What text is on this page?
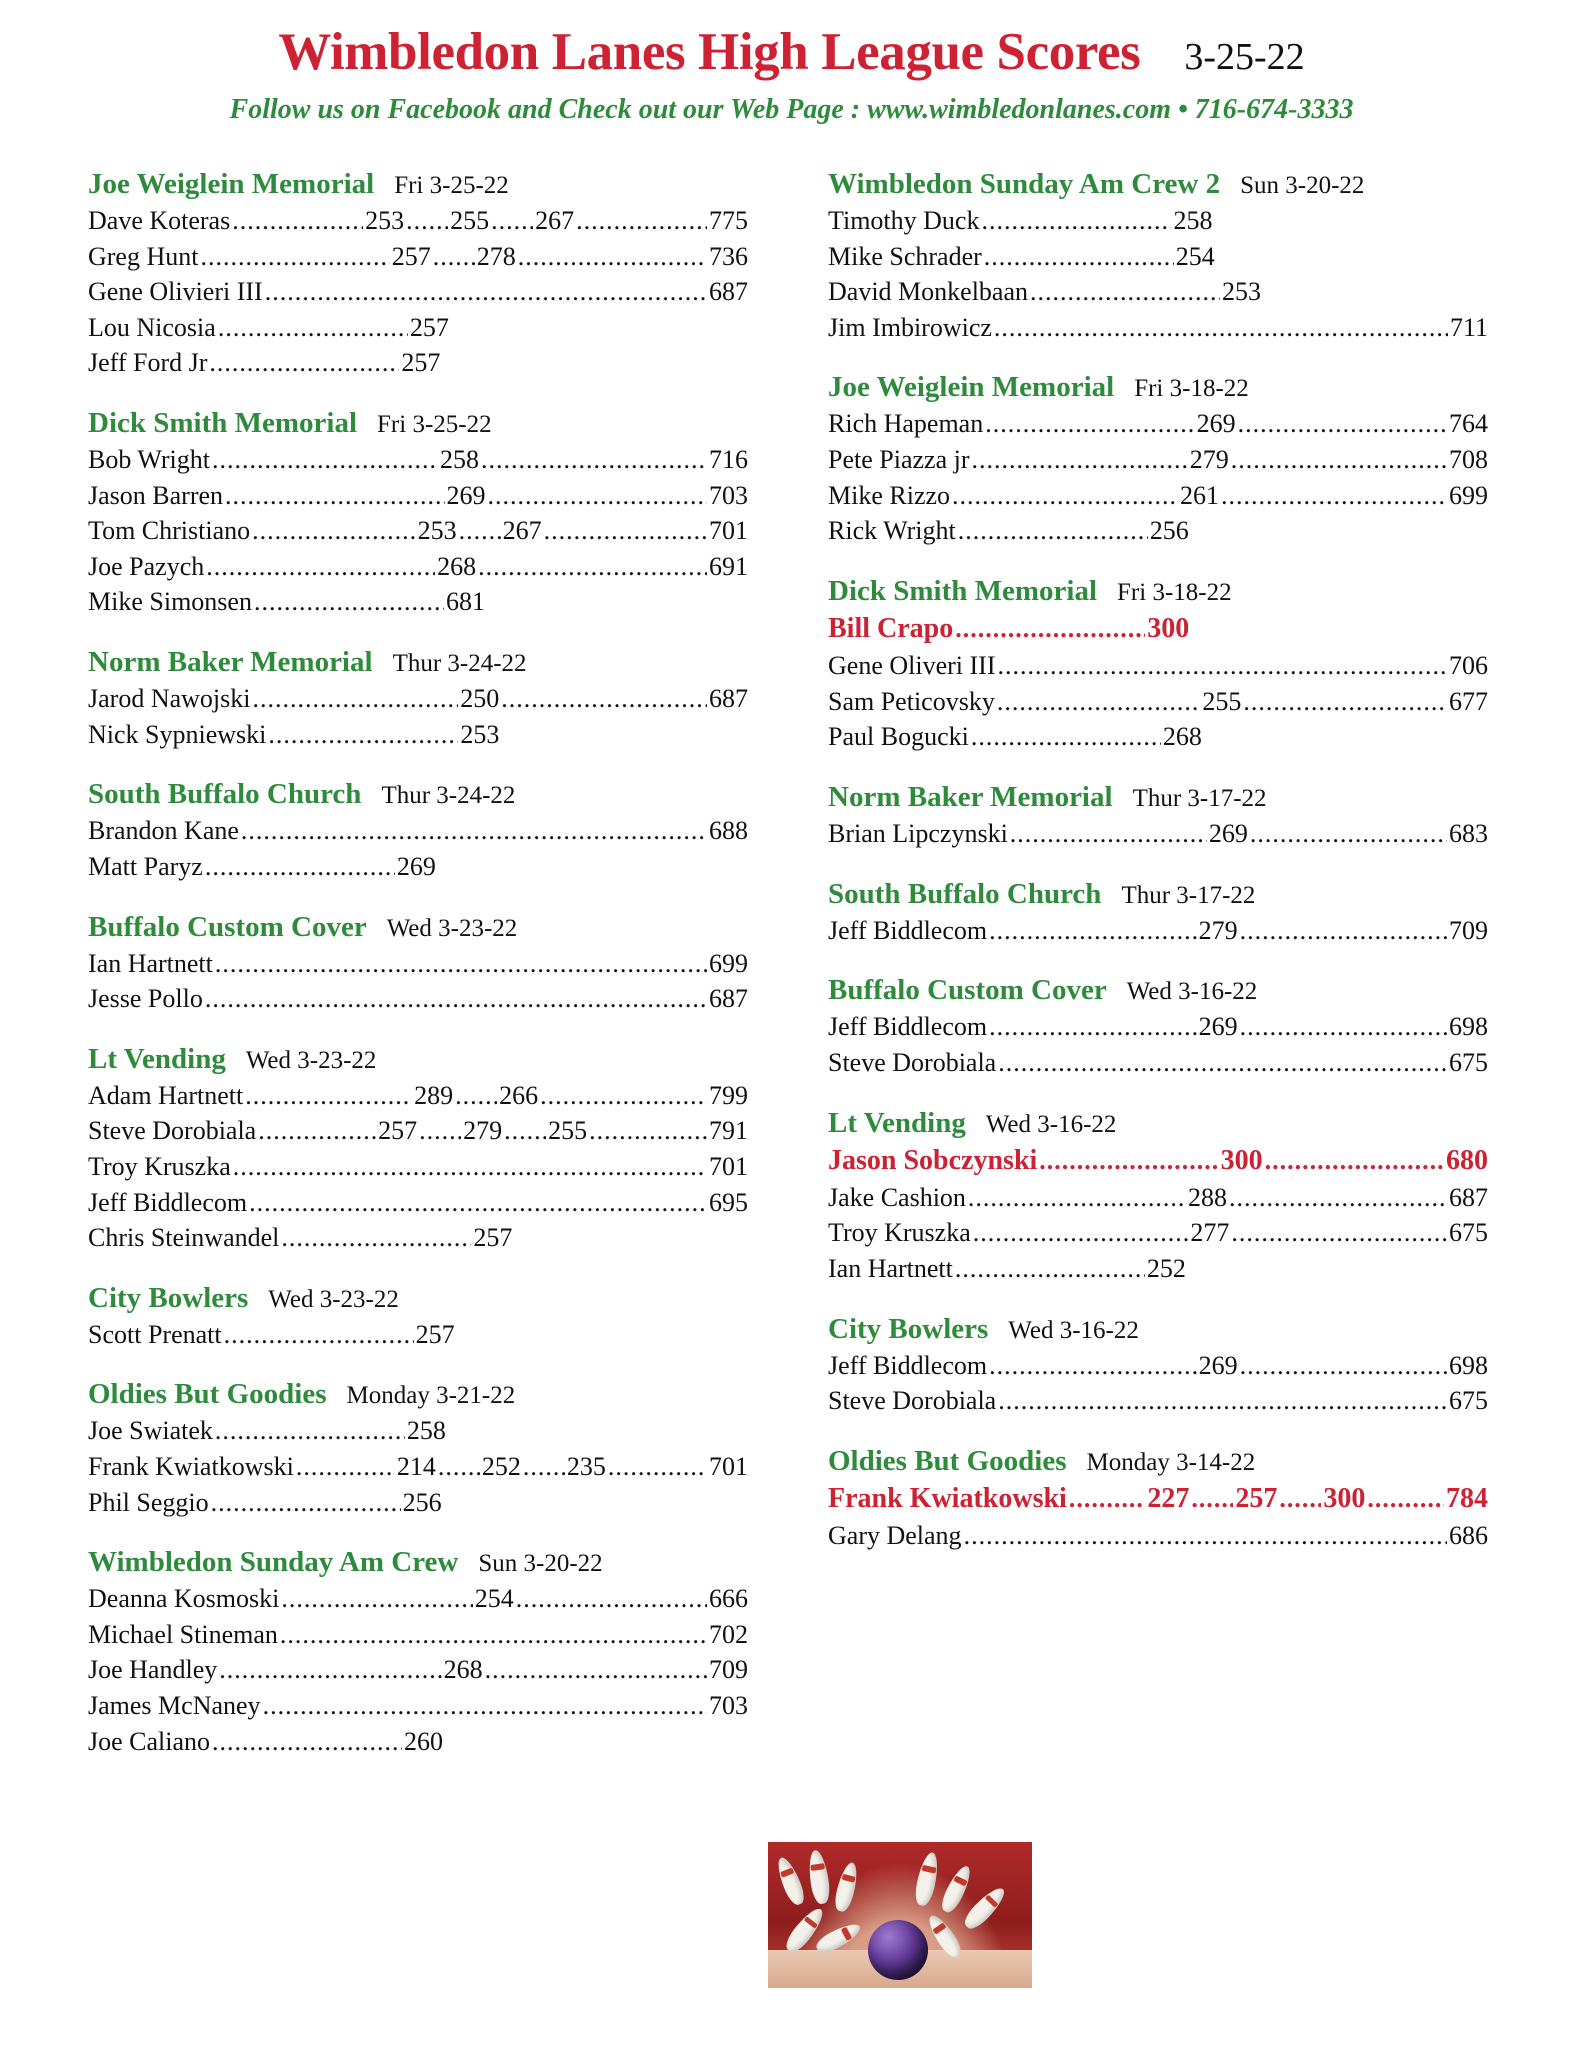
Wimbledon Lanes High League Scores 3-25-22
Follow us on Facebook and Check out our Web Page : www.wimbledonlanes.com • 716-674-3333
Joe Weiglein Memorial Fri 3-25-22
Dave Koteras .....	253 ..... 255 ..... 267 .....	775
Greg Hunt .....	257 ..... 278 .....	736
Gene Olivieri III .....	687
Lou Nicosia .....	257
Jeff Ford Jr .....	257
Dick Smith Memorial Fri 3-25-22
Bob Wright .....	258 .....	716
Jason Barren .....	269 .....	703
Tom Christiano .....	253 ..... 267 .....	701
Joe Pazych .....	268 .....	691
Mike Simonsen .....	681
Norm Baker Memorial Thur 3-24-22
Jarod Nawojski .....	250 .....	687
Nick Sypniewski .....	253
South Buffalo Church Thur 3-24-22
Brandon Kane .....	688
Matt Paryz .....	269
Buffalo Custom Cover Wed 3-23-22
Ian Hartnett .....	699
Jesse Pollo .....	687
Lt Vending Wed 3-23-22
Adam Hartnett .....	289 ..... 266 .....	799
Steve Dorobiala .....	257 ..... 279 ..... 255 .....	791
Troy Kruszka .....	701
Jeff Biddlecom .....	695
Chris Steinwandel .....	257
City Bowlers Wed 3-23-22
Scott Prenatt .....	257
Oldies But Goodies Monday 3-21-22
Joe Swiatek .....	258
Frank Kwiatkowski .....	214 ..... 252 ..... 235 .....	701
Phil Seggio .....	256
Wimbledon Sunday Am Crew Sun 3-20-22
Deanna Kosmoski .....	254 .....	666
Michael Stineman .....	702
Joe Handley .....	268 .....	709
James McNaney .....	703
Joe Caliano .....	260
Wimbledon Sunday Am Crew 2 Sun 3-20-22
Timothy Duck .....	258
Mike Schrader .....	254
David Monkelbaan .....	253
Jim Imbirowicz .....	711
Joe Weiglein Memorial Fri 3-18-22
Rich Hapeman .....	269 .....	764
Pete Piazza jr .....	279 .....	708
Mike Rizzo .....	261 .....	699
Rick Wright .....	256
Dick Smith Memorial Fri 3-18-22
Bill Crapo .....	300
Gene Oliveri III .....	706
Sam Peticovsky .....	255 .....	677
Paul Bogucki .....	268
Norm Baker Memorial Thur 3-17-22
Brian Lipczynski .....	269 .....	683
South Buffalo Church Thur 3-17-22
Jeff Biddlecom .....	279 .....	709
Buffalo Custom Cover Wed 3-16-22
Jeff Biddlecom .....	269 .....	698
Steve Dorobiala .....	675
Lt Vending Wed 3-16-22
Jason Sobczynski .....	300 .....	680
Jake Cashion .....	288 .....	687
Troy Kruszka .....	277 .....	675
Ian Hartnett .....	252
City Bowlers Wed 3-16-22
Jeff Biddlecom .....	269 .....	698
Steve Dorobiala .....	675
Oldies But Goodies Monday 3-14-22
Frank Kwiatkowski .....	227 ..... 257 ..... 300 .....	784
Gary Delang .....	686
